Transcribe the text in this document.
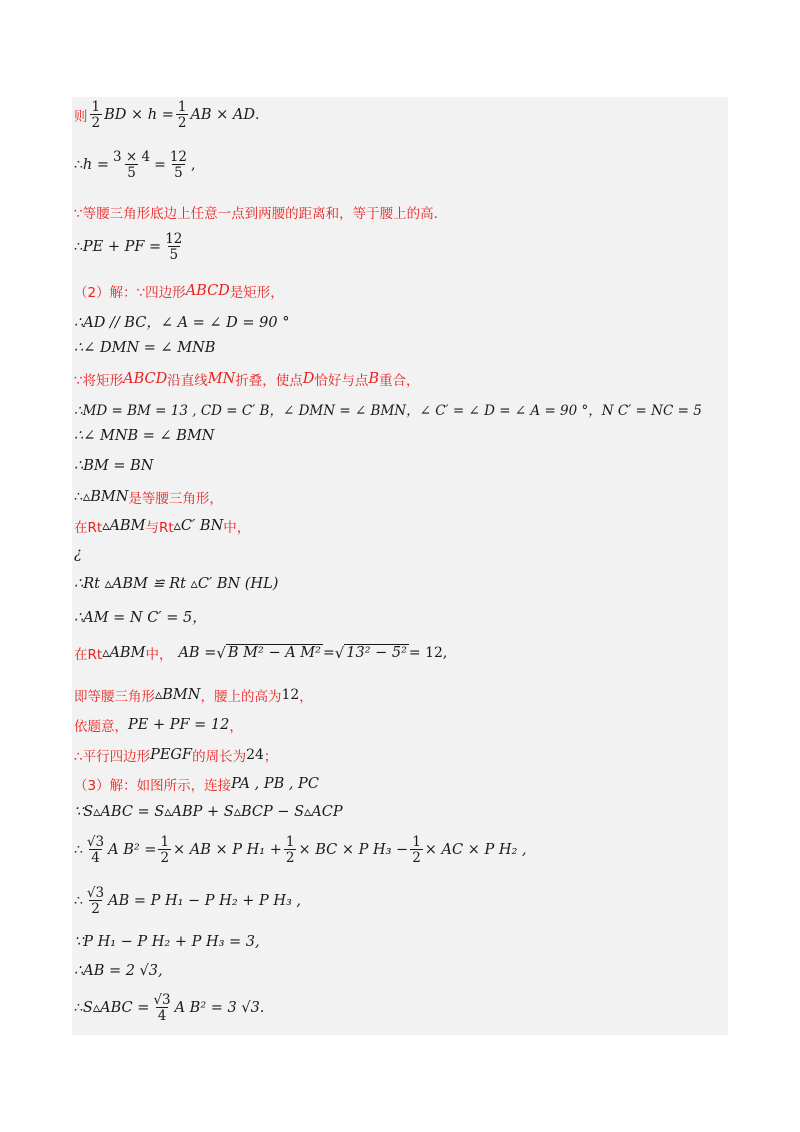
则 $\frac{1}{2}$ BD × $h = \frac{1}{2}$ AB × AD .
∴ $h = \frac{3 \times 4}{5} = \frac{12}{5}$ ,
∵等腰三角形底边上任意一点到两腰的距离和，等于腰上的高.
∴ PE + PF = $\frac{12}{5}$
（2）解：∵四边形 ABCD 是矩形，
∴AD // BC，∠ A = ∠ D = 90 °
∴∠ DMN = ∠ MNB
∵将矩形 ABCD 沿直线 MN 折叠，使点 D 恰好与点 B 重合，
∴MD = BM = 13 , CD = C′ B，∠ DMN = ∠ BMN，∠ C′ = ∠ D = ∠ A = 90 °，N C′ = NC = 5
∴∠ MNB = ∠ BMN
∴BM = BN
∴ ▵BMN 是等腰三角形，
在Rt ▵ABM 与Rt ▵C′ BN 中，
¿
∴Rt ▵ABM ≌ Rt ▵C′ BN (HL)
∴AM = N C′ = 5，
在Rt ▵ABM 中， AB = √ B M² − A M² = √ 13² − 5² = 12,
即等腰三角形 ▵BMN ，腰上的高为 12 ，
依题意， PE + PF = 12 ，
∴平行四边形 PEGF 的周长为 24 ；
（3）解：如图所示，连接 PA , PB , PC
∵S▵ABC = S▵ABP + S▵BCP − S▵ACP
∴ $\frac{√3}{4}$ A $B^2 = \frac{1}{2}$ × AB × P $H_1 + \frac{1}{2}$ × BC × P $H_3 - \frac{1}{2}$ × AC × P H₂ ,
∴ $\frac{√3}{2}$ AB = P H₁ − P H₂ + P H₃ ,
∵P H₁ − P H₂ + P H₃ = 3,
∴AB = 2 √3,
∴ S▵ABC = $\frac{√3}{4}$ A B² = 3 √3.
